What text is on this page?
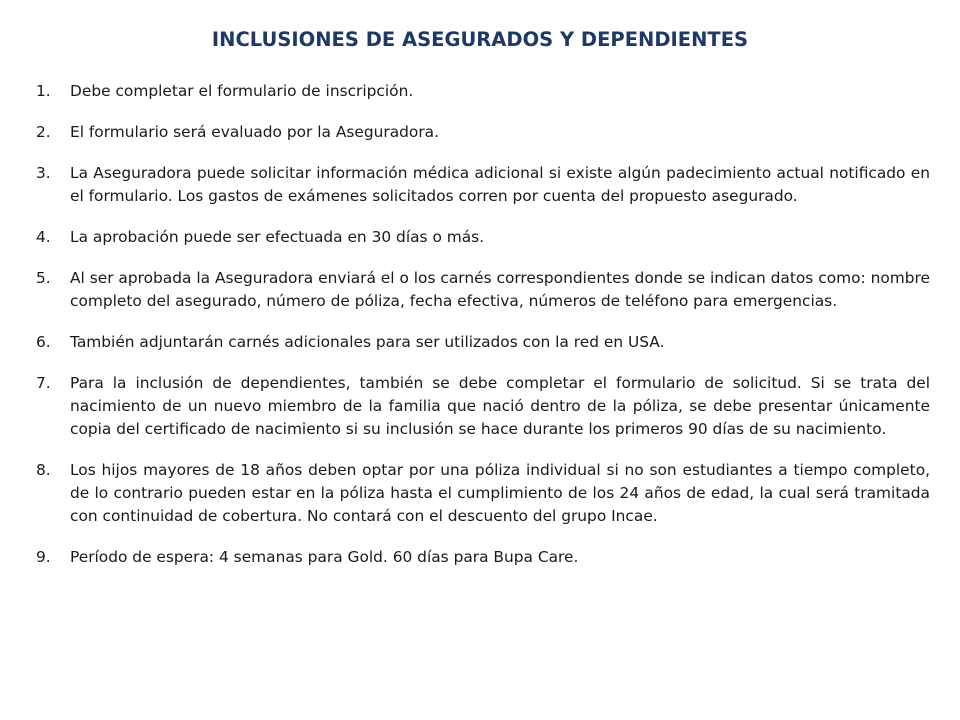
INCLUSIONES DE ASEGURADOS Y DEPENDIENTES
1. Debe completar el formulario de inscripción.
2. El formulario será evaluado por la Aseguradora.
3. La Aseguradora puede solicitar información médica adicional si existe algún padecimiento actual notificado en el formulario. Los gastos de exámenes solicitados corren por cuenta del propuesto asegurado.
4. La aprobación puede ser efectuada en 30 días o más.
5. Al ser aprobada la Aseguradora enviará el o los carnés correspondientes donde se indican datos como: nombre completo del asegurado, número de póliza, fecha efectiva, números de teléfono para emergencias.
6. También adjuntarán carnés adicionales para ser utilizados con la red en USA.
7. Para la inclusión de dependientes, también se debe completar el formulario de solicitud. Si se trata del nacimiento de un nuevo miembro de la familia que nació dentro de la póliza, se debe presentar únicamente copia del certificado de nacimiento si su inclusión se hace durante los primeros 90 días de su nacimiento.
8. Los hijos mayores de 18 años deben optar por una póliza individual si no son estudiantes a tiempo completo, de lo contrario pueden estar en la póliza hasta el cumplimiento de los 24 años de edad, la cual será tramitada con continuidad de cobertura. No contará con el descuento del grupo Incae.
9. Período de espera: 4 semanas para Gold. 60 días para Bupa Care.
